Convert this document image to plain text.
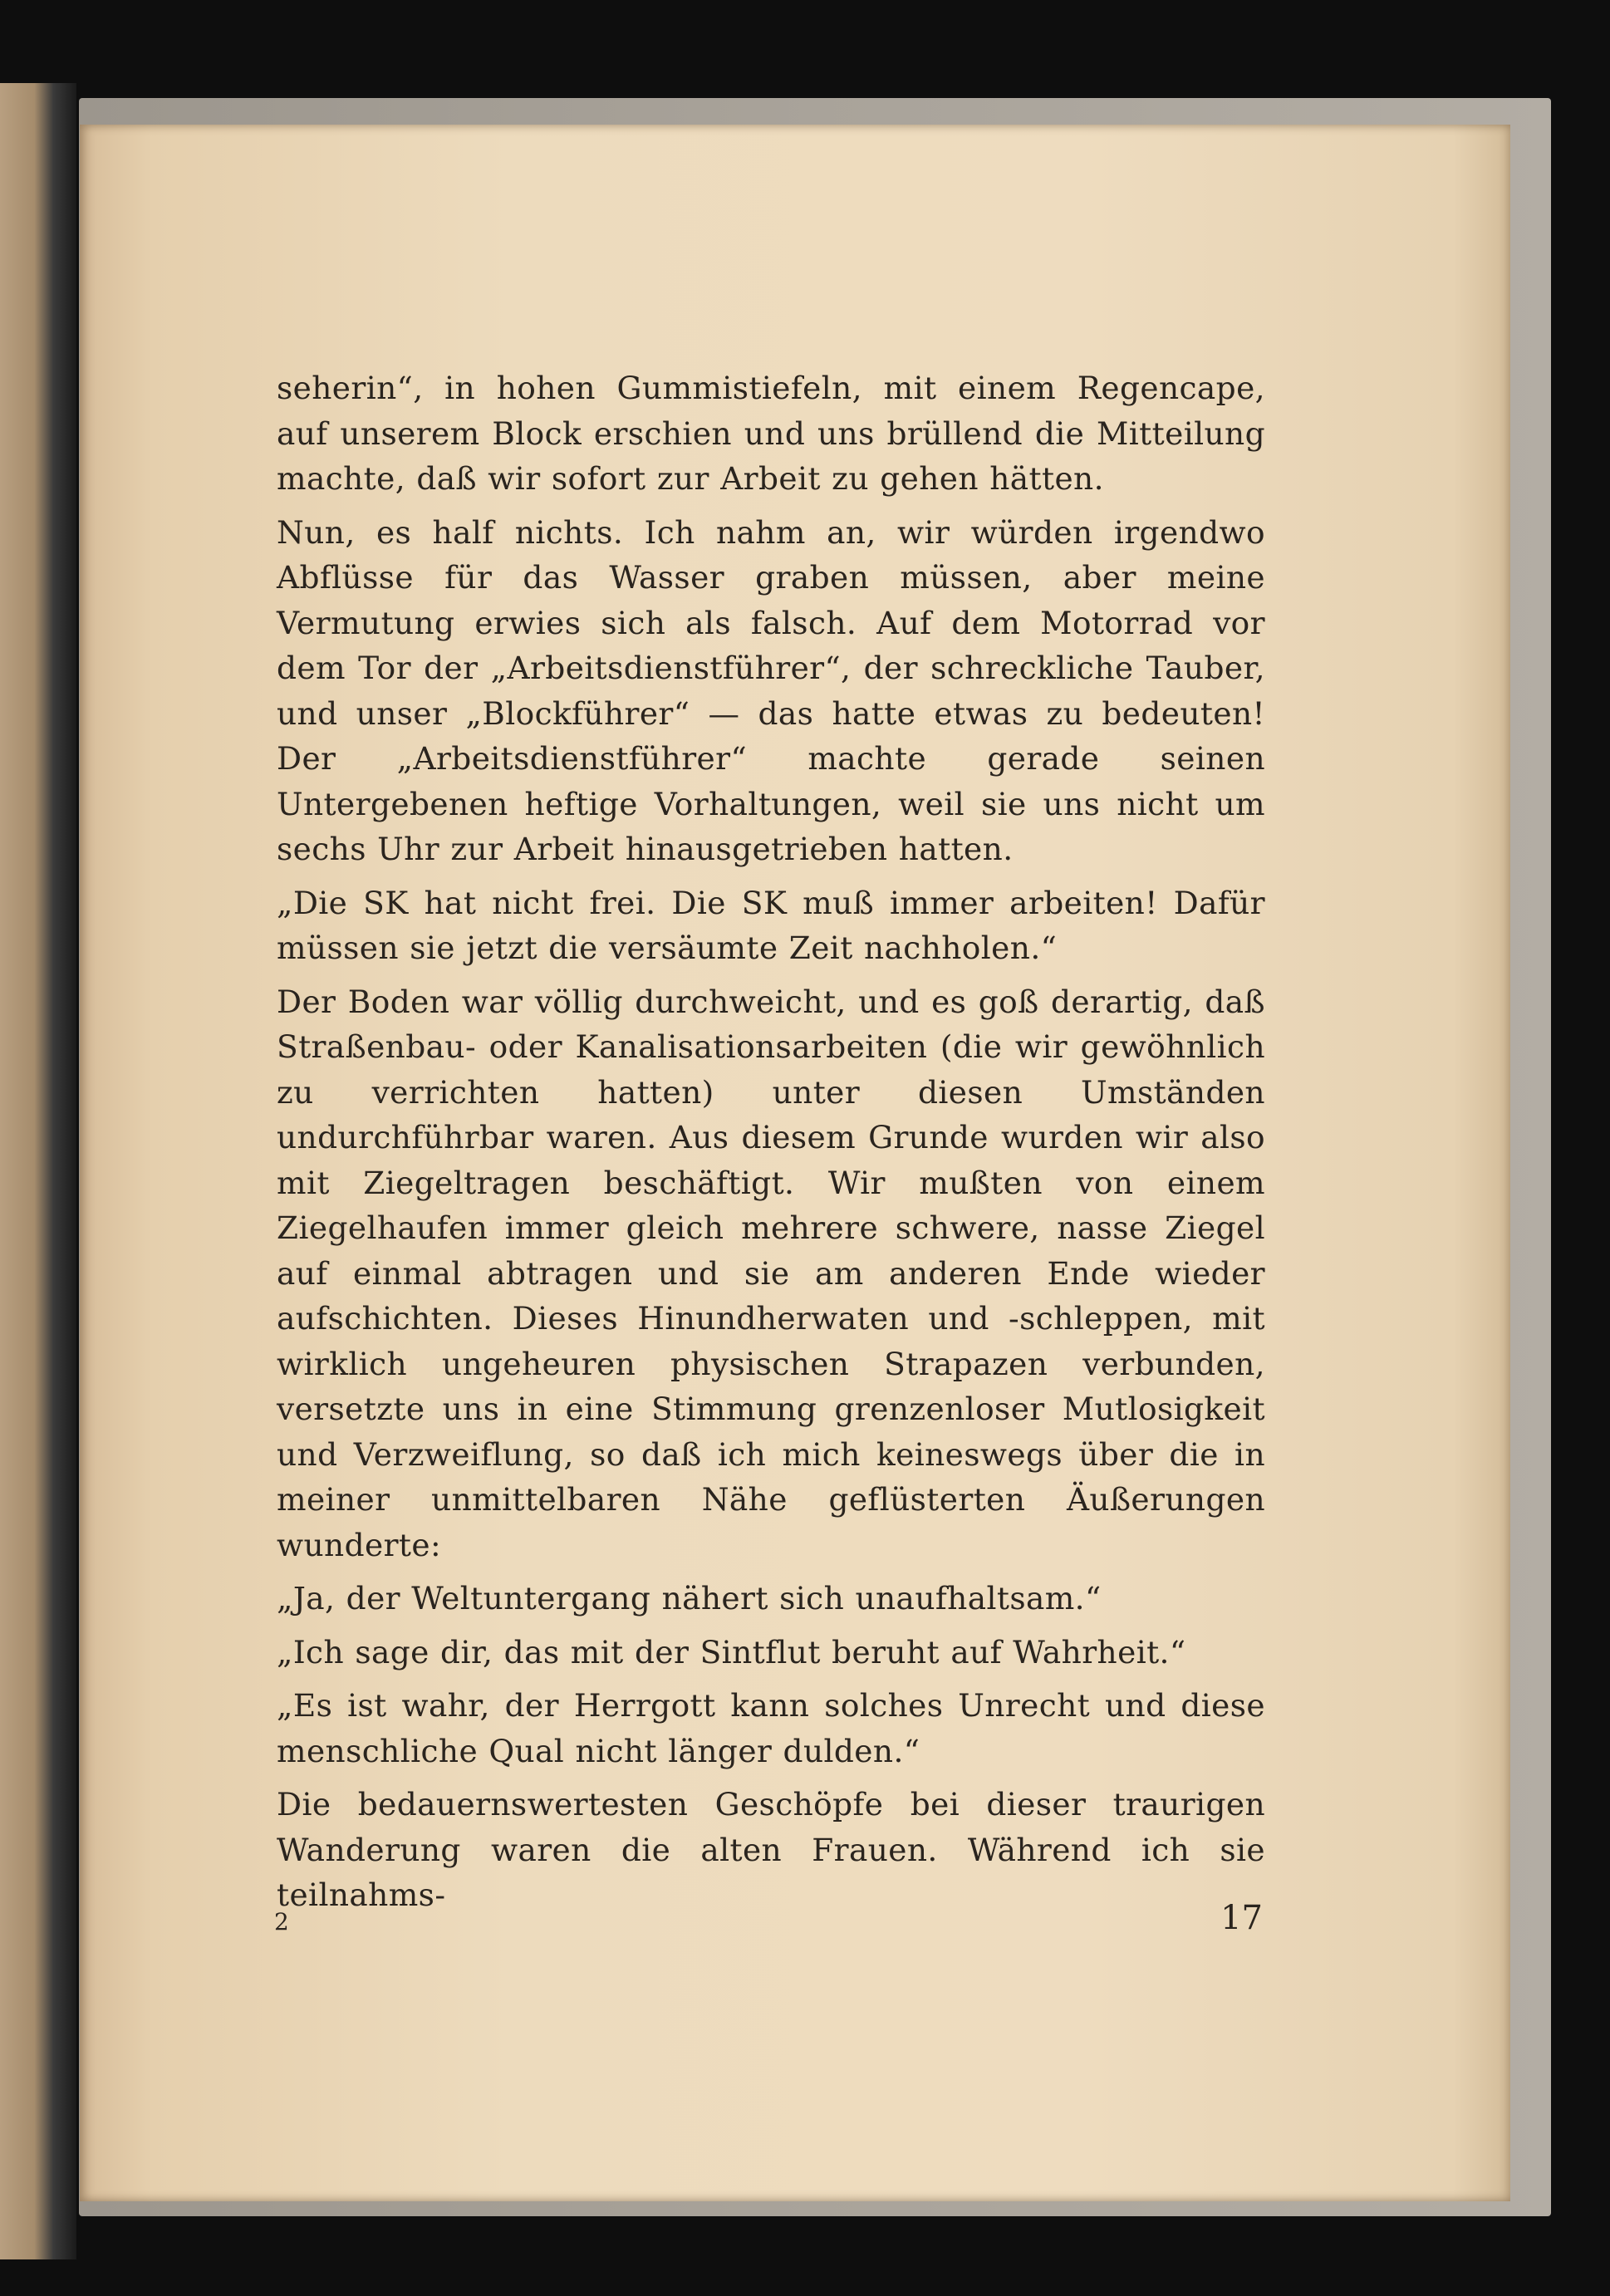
seherin“, in hohen Gummistiefeln, mit einem Regencape, auf unserem Block erschien und uns brüllend die Mitteilung machte, daß wir sofort zur Arbeit zu gehen hätten.

Nun, es half nichts. Ich nahm an, wir würden irgendwo Abflüsse für das Wasser graben müssen, aber meine Vermutung erwies sich als falsch. Auf dem Motorrad vor dem Tor der „Arbeitsdienstführer“, der schreckliche Tauber, und unser „Blockführer“ — das hatte etwas zu bedeuten! Der „Arbeitsdienstführer“ machte gerade seinen Untergebenen heftige Vorhaltungen, weil sie uns nicht um sechs Uhr zur Arbeit hinausgetrieben hatten.

„Die SK hat nicht frei. Die SK muß immer arbeiten! Dafür müssen sie jetzt die versäumte Zeit nachholen.“

Der Boden war völlig durchweicht, und es goß derartig, daß Straßenbau- oder Kanalisationsarbeiten (die wir gewöhnlich zu verrichten hatten) unter diesen Umständen undurchführbar waren. Aus diesem Grunde wurden wir also mit Ziegeltragen beschäftigt. Wir mußten von einem Ziegelhaufen immer gleich mehrere schwere, nasse Ziegel auf einmal abtragen und sie am anderen Ende wieder aufschichten. Dieses Hinundherwaten und -schleppen, mit wirklich ungeheuren physischen Strapazen verbunden, versetzte uns in eine Stimmung grenzenloser Mutlosigkeit und Verzweiflung, so daß ich mich keineswegs über die in meiner unmittelbaren Nähe geflüsterten Äußerungen wunderte:

„Ja, der Weltuntergang nähert sich unaufhaltsam.“

„Ich sage dir, das mit der Sintflut beruht auf Wahrheit.“

„Es ist wahr, der Herrgott kann solches Unrecht und diese menschliche Qual nicht länger dulden.“

Die bedauernswertesten Geschöpfe bei dieser traurigen Wanderung waren die alten Frauen. Während ich sie teilnahms-

2	17
